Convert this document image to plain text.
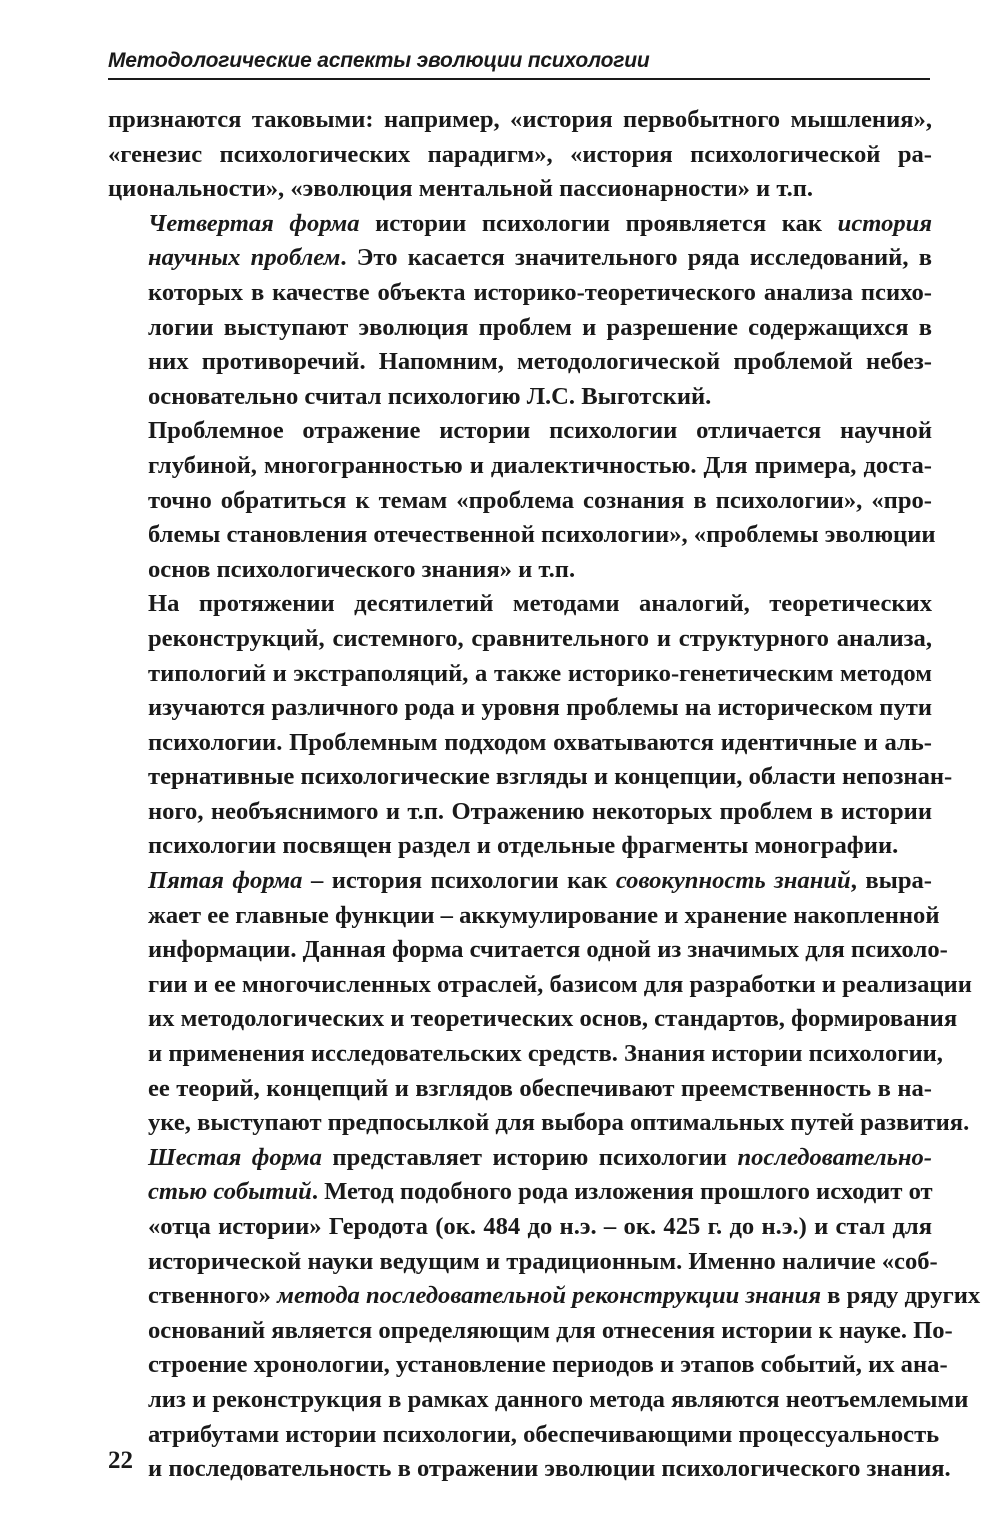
Методологические аспекты эволюции психологии

признаются таковыми: например, «история первобытного мышления»,
«генезис психологических парадигм», «история психологической ра-
циональности», «эволюция ментальной пассионарности» и т.п.

Четвертая форма истории психологии проявляется как история
научных проблем. Это касается значительного ряда исследований, в
которых в качестве объекта историко-теоретического анализа психо-
логии выступают эволюция проблем и разрешение содержащихся в
них противоречий. Напомним, методологической проблемой небез-
основательно считал психологию Л.С. Выготский.

Проблемное отражение истории психологии отличается научной
глубиной, многогранностью и диалектичностью. Для примера, доста-
точно обратиться к темам «проблема сознания в психологии», «про-
блемы становления отечественной психологии», «проблемы эволюции
основ психологического знания» и т.п.

На протяжении десятилетий методами аналогий, теоретических
реконструкций, системного, сравнительного и структурного анализа,
типологий и экстраполяций, а также историко-генетическим методом
изучаются различного рода и уровня проблемы на историческом пути
психологии. Проблемным подходом охватываются идентичные и аль-
тернативные психологические взгляды и концепции, области непознан-
ного, необъяснимого и т.п. Отражению некоторых проблем в истории
психологии посвящен раздел и отдельные фрагменты монографии.

Пятая форма – история психологии как совокупность знаний, выра-
жает ее главные функции – аккумулирование и хранение накопленной
информации. Данная форма считается одной из значимых для психоло-
гии и ее многочисленных отраслей, базисом для разработки и реализации
их методологических и теоретических основ, стандартов, формирования
и применения исследовательских средств. Знания истории психологии,
ее теорий, концепций и взглядов обеспечивают преемственность в на-
уке, выступают предпосылкой для выбора оптимальных путей развития.

Шестая форма представляет историю психологии последовательно-
стью событий. Метод подобного рода изложения прошлого исходит от
«отца истории» Геродота (ок. 484 до н.э. – ок. 425 г. до н.э.) и стал для
исторической науки ведущим и традиционным. Именно наличие «соб-
ственного» метода последовательной реконструкции знания в ряду других
оснований является определяющим для отнесения истории к науке. По-
строение хронологии, установление периодов и этапов событий, их ана-
лиз и реконструкция в рамках данного метода являются неотъемлемыми
атрибутами истории психологии, обеспечивающими процессуальность
и последовательность в отражении эволюции психологического знания.

22
